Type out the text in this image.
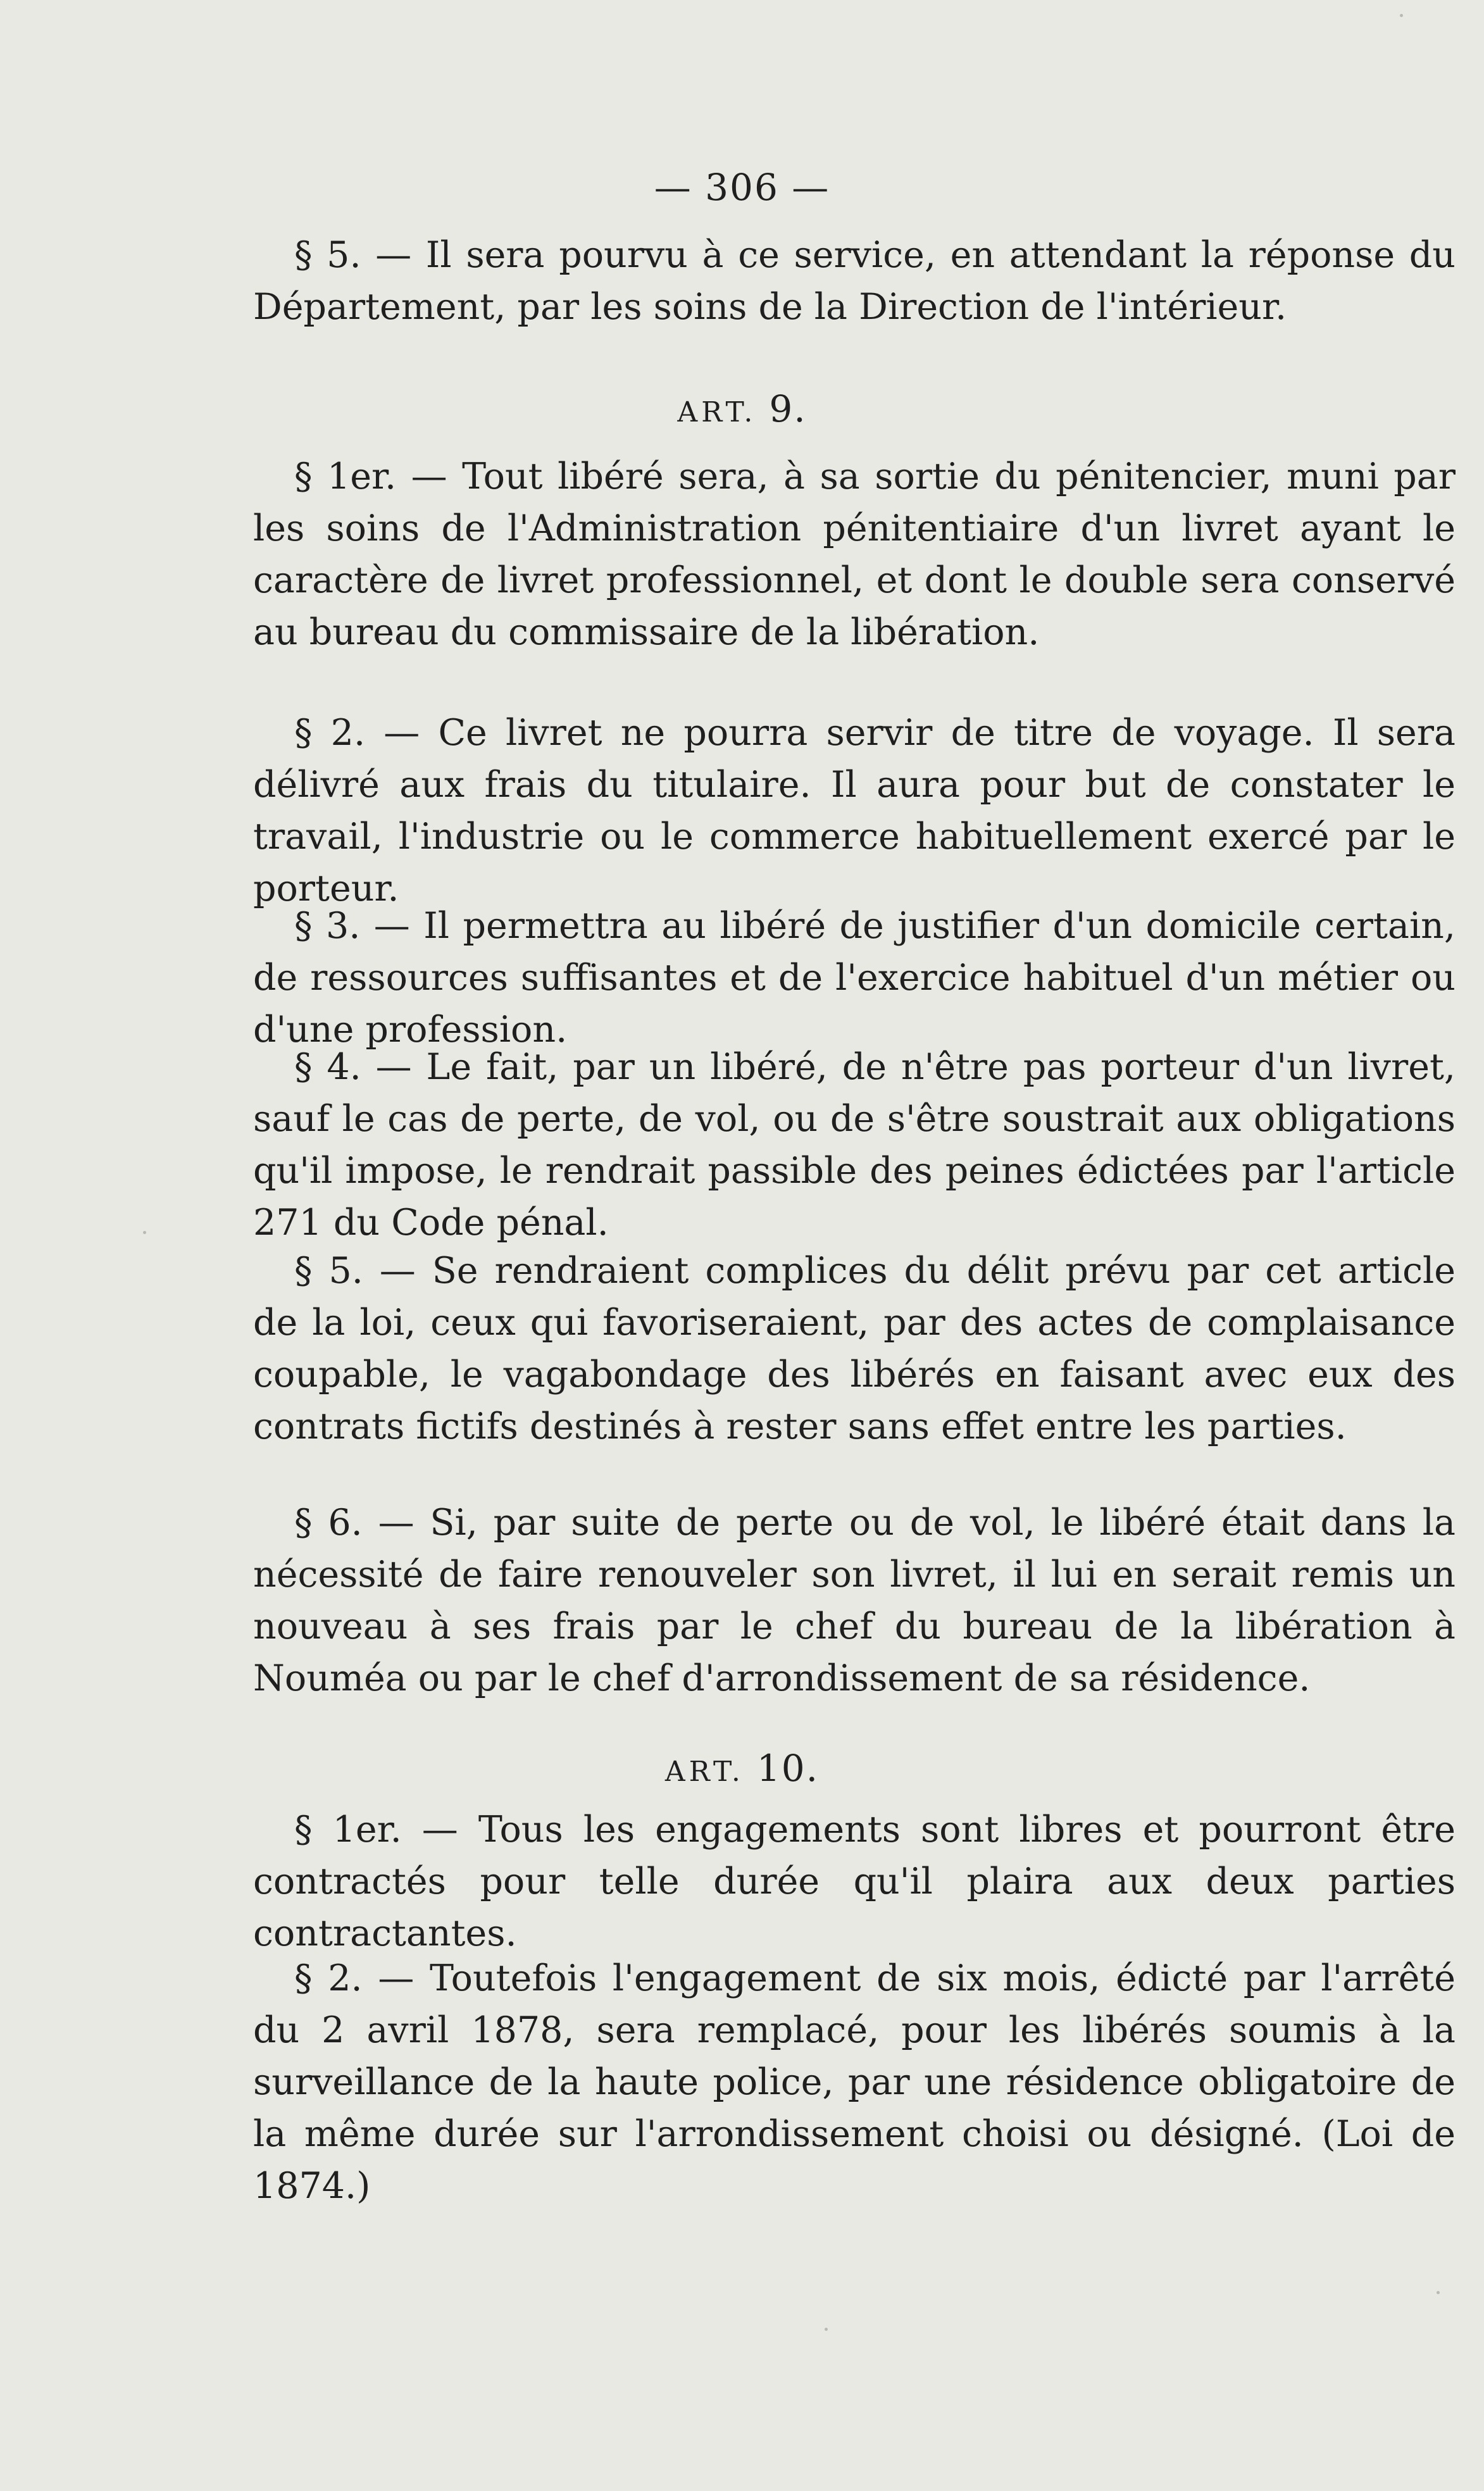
— 306 —

§ 5. — Il sera pourvu à ce service, en attendant la réponse du Département, par les soins de la Direction de l'intérieur.

ART. 9.

§ 1er. — Tout libéré sera, à sa sortie du pénitencier, muni par les soins de l'Administration pénitentiaire d'un livret ayant le caractère de livret professionnel, et dont le double sera conservé au bureau du commissaire de la libération.

§ 2. — Ce livret ne pourra servir de titre de voyage. Il sera délivré aux frais du titulaire. Il aura pour but de constater le travail, l'industrie ou le commerce habituellement exercé par le porteur.

§ 3. — Il permettra au libéré de justifier d'un domicile certain, de ressources suffisantes et de l'exercice habituel d'un métier ou d'une profession.

§ 4. — Le fait, par un libéré, de n'être pas porteur d'un livret, sauf le cas de perte, de vol, ou de s'être soustrait aux obligations qu'il impose, le rendrait passible des peines édictées par l'article 271 du Code pénal.

§ 5. — Se rendraient complices du délit prévu par cet article de la loi, ceux qui favoriseraient, par des actes de complaisance coupable, le vagabondage des libérés en faisant avec eux des contrats fictifs destinés à rester sans effet entre les parties.

§ 6. — Si, par suite de perte ou de vol, le libéré était dans la nécessité de faire renouveler son livret, il lui en serait remis un nouveau à ses frais par le chef du bureau de la libération à Nouméa ou par le chef d'arrondissement de sa résidence.

ART. 10.

§ 1er. — Tous les engagements sont libres et pourront être contractés pour telle durée qu'il plaira aux deux parties contractantes.

§ 2. — Toutefois l'engagement de six mois, édicté par l'arrêté du 2 avril 1878, sera remplacé, pour les libérés soumis à la surveillance de la haute police, par une résidence obligatoire de la même durée sur l'arrondissement choisi ou désigné. (Loi de 1874.)
